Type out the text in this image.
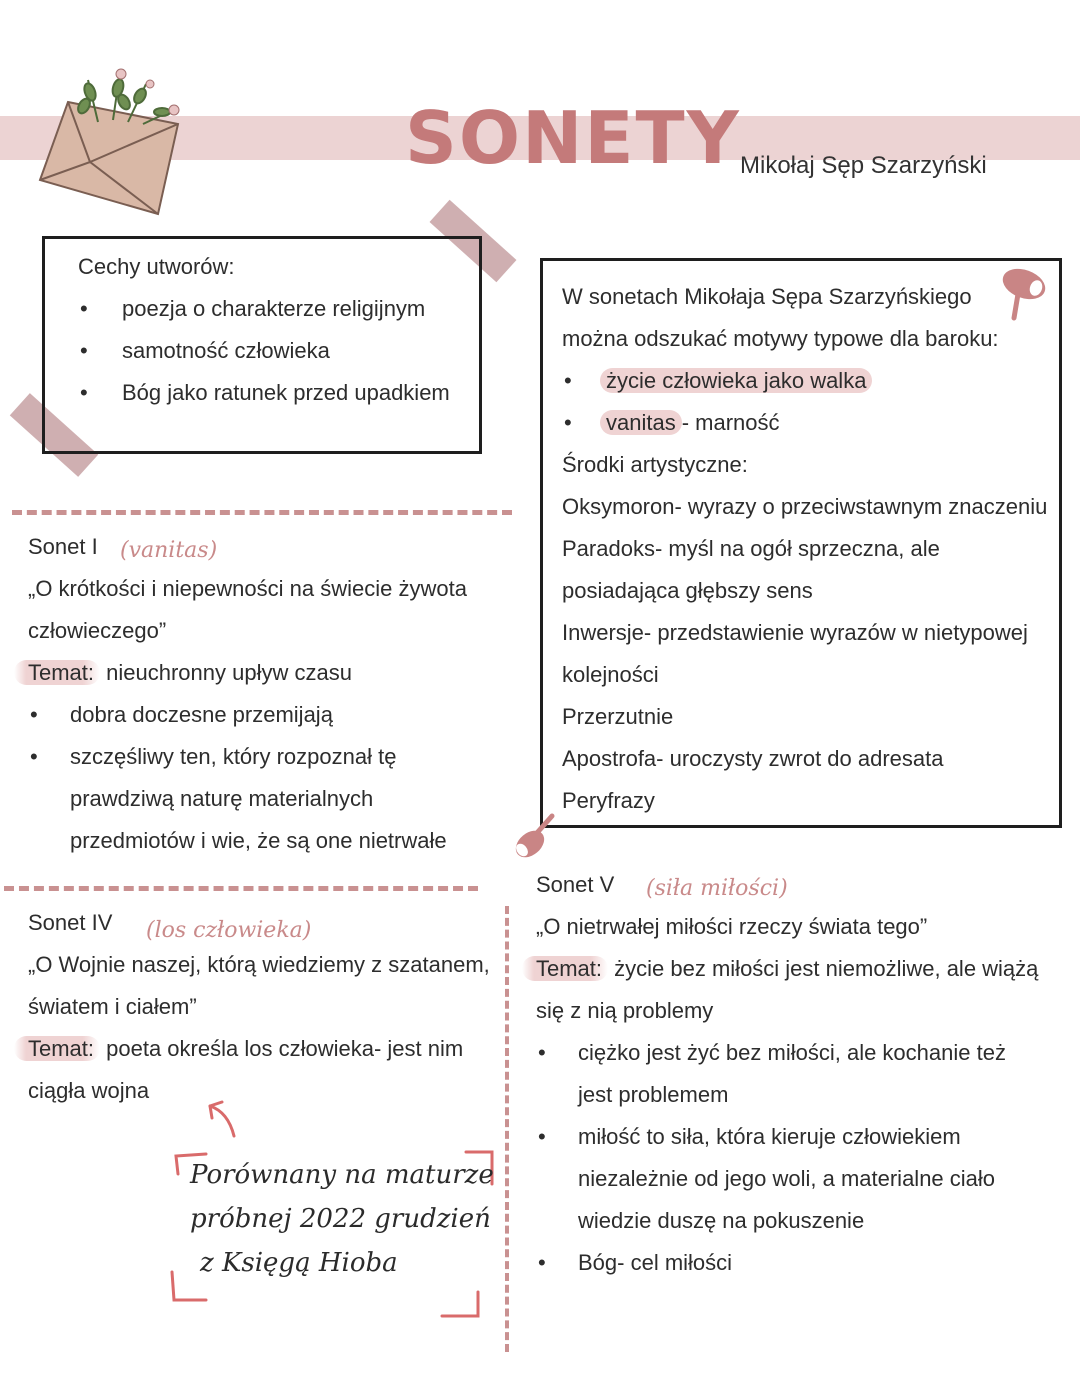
SONETY Mikołaj Sęp Szarzyński
Cechy utworów:
• poezja o charakterze religijnym
• samotność człowieka
• Bóg jako ratunek przed upadkiem
W sonetach Mikołaja Sępa Szarzyńskiego
można odszukać motywy typowe dla baroku:
• życie człowieka jako walka
• vanitas - marność
Środki artystyczne:
Oksymoron- wyrazy o przeciwstawnym znaczeniu
Paradoks- myśl na ogół sprzeczna, ale
posiadająca głębszy sens
Inwersje- przedstawienie wyrazów w nietypowej
kolejności
Przerzutnie
Apostrofa- uroczysty zwrot do adresata
Peryfrazy
Sonet I (vanitas)
„O krótkości i niepewności na świecie żywota
człowieczego”
Temat: nieuchronny upływ czasu
• dobra doczesne przemijają
• szczęśliwy ten, który rozpoznał tę
prawdziwą naturę materialnych
przedmiotów i wie, że są one nietrwałe
Sonet IV (los człowieka)
„O Wojnie naszej, którą wiedziemy z szatanem,
światem i ciałem”
Temat: poeta określa los człowieka- jest nim
ciągła wojna
Porównany na maturze
próbnej 2022 grudzień
z Księgą Hioba
Sonet V (siła miłości)
„O nietrwałej miłości rzeczy świata tego”
Temat: życie bez miłości jest niemożliwe, ale wiążą
się z nią problemy
• ciężko jest żyć bez miłości, ale kochanie też
jest problemem
• miłość to siła, która kieruje człowiekiem
niezależnie od jego woli, a materialne ciało
wiedzie duszę na pokuszenie
• Bóg- cel miłości
